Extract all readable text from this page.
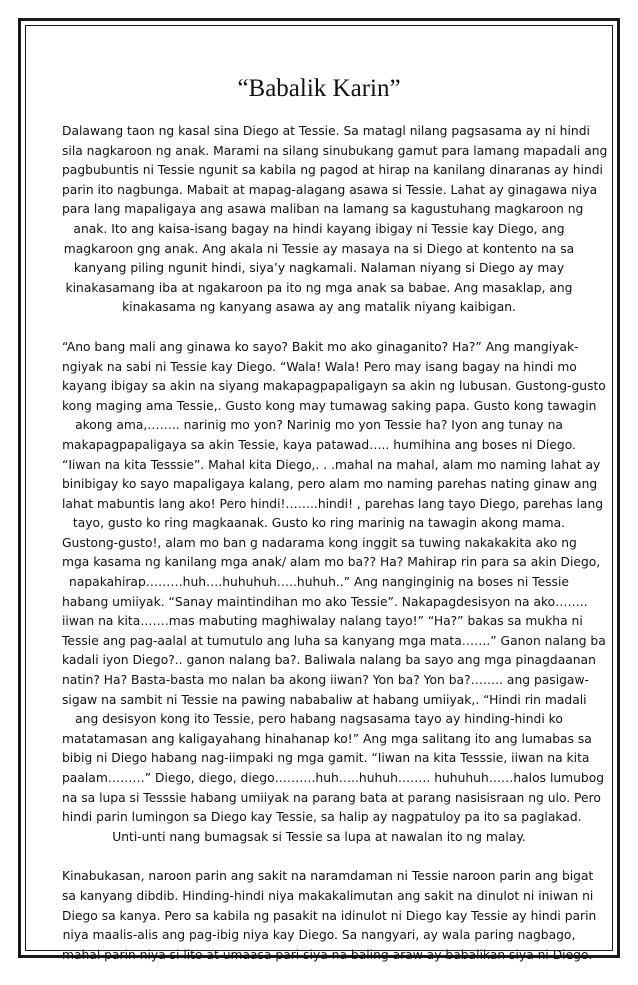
“Babalik Karin”

Dalawang taon ng kasal sina Diego at Tessie. Sa matagl nilang pagsasama ay ni hindi
sila nagkaroon ng anak. Marami na silang sinubukang gamut para lamang mapadali ang
pagbubuntis ni Tessie ngunit sa kabila ng pagod at hirap na kanilang dinaranas ay hindi
parin ito nagbunga. Mabait at mapag-alagang asawa si Tessie. Lahat ay ginagawa niya
para lang mapaligaya ang asawa maliban na lamang sa kagustuhang magkaroon ng
anak. Ito ang kaisa-isang bagay na hindi kayang ibigay ni Tessie kay Diego, ang
magkaroon gng anak. Ang akala ni Tessie ay masaya na si Diego at kontento na sa
kanyang piling ngunit hindi, siya’y nagkamali. Nalaman niyang si Diego ay may
kinakasamang iba at ngakaroon pa ito ng mga anak sa babae. Ang masaklap, ang
kinakasama ng kanyang asawa ay ang matalik niyang kaibigan.

“Ano bang mali ang ginawa ko sayo? Bakit mo ako ginaganito? Ha?” Ang mangiyak-
ngiyak na sabi ni Tessie kay Diego. “Wala! Wala! Pero may isang bagay na hindi mo
kayang ibigay sa akin na siyang makapagpapaligayn sa akin ng lubusan. Gustong-gusto
kong maging ama Tessie,. Gusto kong may tumawag saking papa. Gusto kong tawagin
akong ama,…….. narinig mo yon? Narinig mo yon Tessie ha? Iyon ang tunay na
makapagpapaligaya sa akin Tessie, kaya patawad….. humihina ang boses ni Diego.
“Iiwan na kita Tesssie”. Mahal kita Diego,. . .mahal na mahal, alam mo naming lahat ay
binibigay ko sayo mapaligaya kalang, pero alam mo naming parehas nating ginaw ang
lahat mabuntis lang ako! Pero hindi!……..hindi! , parehas lang tayo Diego, parehas lang
tayo, gusto ko ring magkaanak. Gusto ko ring marinig na tawagin akong mama.
Gustong-gusto!, alam mo ban g nadarama kong inggit sa tuwing nakakakita ako ng
mga kasama ng kanilang mga anak/ alam mo ba?? Ha? Mahirap rin para sa akin Diego,
napakahirap………huh….huhuhuh…..huhuh..” Ang nanginginig na boses ni Tessie
habang umiiyak. “Sanay maintindihan mo ako Tessie”. Nakapagdesisyon na ako……..
iiwan na kita…….mas mabuting maghiwalay nalang tayo!” “Ha?” bakas sa mukha ni
Tessie ang pag-aalal at tumutulo ang luha sa kanyang mga mata…….” Ganon nalang ba
kadali iyon Diego?.. ganon nalang ba?. Baliwala nalang ba sayo ang mga pinagdaanan
natin? Ha? Basta-basta mo nalan ba akong iiwan? Yon ba? Yon ba?…….. ang pasigaw-
sigaw na sambit ni Tessie na pawing nababaliw at habang umiiyak,. “Hindi rin madali
ang desisyon kong ito Tessie, pero habang nagsasama tayo ay hinding-hindi ko
matatamasan ang kaligayahang hinahanap ko!” Ang mga salitang ito ang lumabas sa
bibig ni Diego habang nag-iimpaki ng mga gamit. “Iiwan na kita Tesssie, iiwan na kita
paalam………” Diego, diego, diego……….huh…..huhuh…….. huhuhuh……halos lumubog
na sa lupa si Tesssie habang umiiyak na parang bata at parang nasisisraan ng ulo. Pero
hindi parin lumingon sa Diego kay Tessie, sa halip ay nagpatuloy pa ito sa paglakad.
Unti-unti nang bumagsak si Tessie sa lupa at nawalan ito ng malay.

Kinabukasan, naroon parin ang sakit na naramdaman ni Tessie naroon parin ang bigat
sa kanyang dibdib. Hinding-hindi niya makakalimutan ang sakit na dinulot ni iniwan ni
Diego sa kanya. Pero sa kabila ng pasakit na idinulot ni Diego kay Tessie ay hindi parin
niya maalis-alis ang pag-ibig niya kay Diego. Sa nangyari, ay wala paring nagbago,
mahal parin niya si lito at umaasa pari siya na baling araw ay babalikan siya ni Diego.
